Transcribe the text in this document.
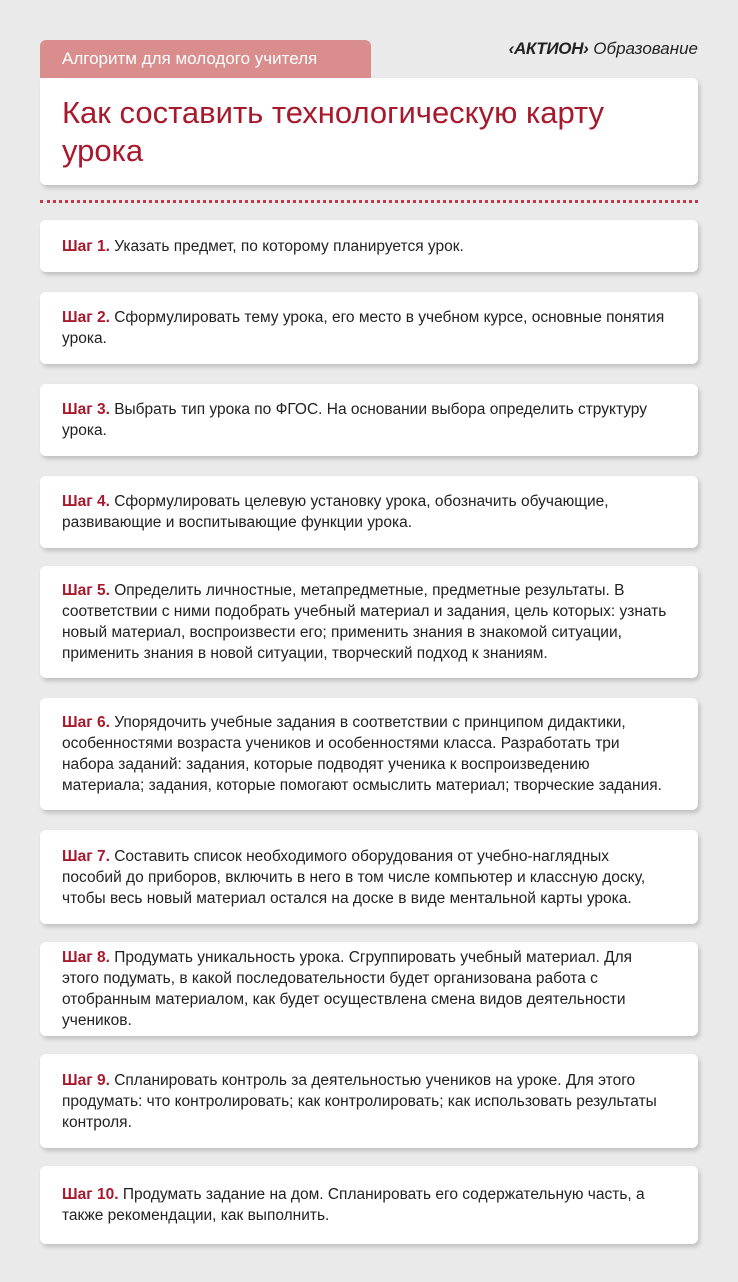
Алгоритм для молодого учителя
‹АКТИОН› Образование
Как составить технологическую карту урока

Шаг 1. Указать предмет, по которому планируется урок.

Шаг 2. Сформулировать тему урока, его место в учебном курсе, основные понятия урока.

Шаг 3. Выбрать тип урока по ФГОС. На основании выбора определить структуру урока.

Шаг 4. Сформулировать целевую установку урока, обозначить обучающие, развивающие и воспитывающие функции урока.

Шаг 5. Определить личностные, метапредметные, предметные результаты. В соответствии с ними подобрать учебный материал и задания, цель которых: узнать новый материал, воспроизвести его; применить знания в знакомой ситуации, применить знания в новой ситуации, творческий подход к знаниям.

Шаг 6. Упорядочить учебные задания в соответствии с принципом дидактики, особенностями возраста учеников и особенностями класса. Разработать три набора заданий: задания, которые подводят ученика к воспроизведению материала; задания, которые помогают осмыслить материал; творческие задания.

Шаг 7. Составить список необходимого оборудования от учебно-наглядных пособий до приборов, включить в него в том числе компьютер и классную доску, чтобы весь новый материал остался на доске в виде ментальной карты урока.

Шаг 8. Продумать уникальность урока. Сгруппировать учебный материал. Для этого подумать, в какой последовательности будет организована работа с отобранным материалом, как будет осуществлена смена видов деятельности учеников.

Шаг 9. Спланировать контроль за деятельностью учеников на уроке. Для этого продумать: что контролировать; как контролировать; как использовать результаты контроля.

Шаг 10. Продумать задание на дом. Спланировать его содержательную часть, а также рекомендации, как выполнить.
